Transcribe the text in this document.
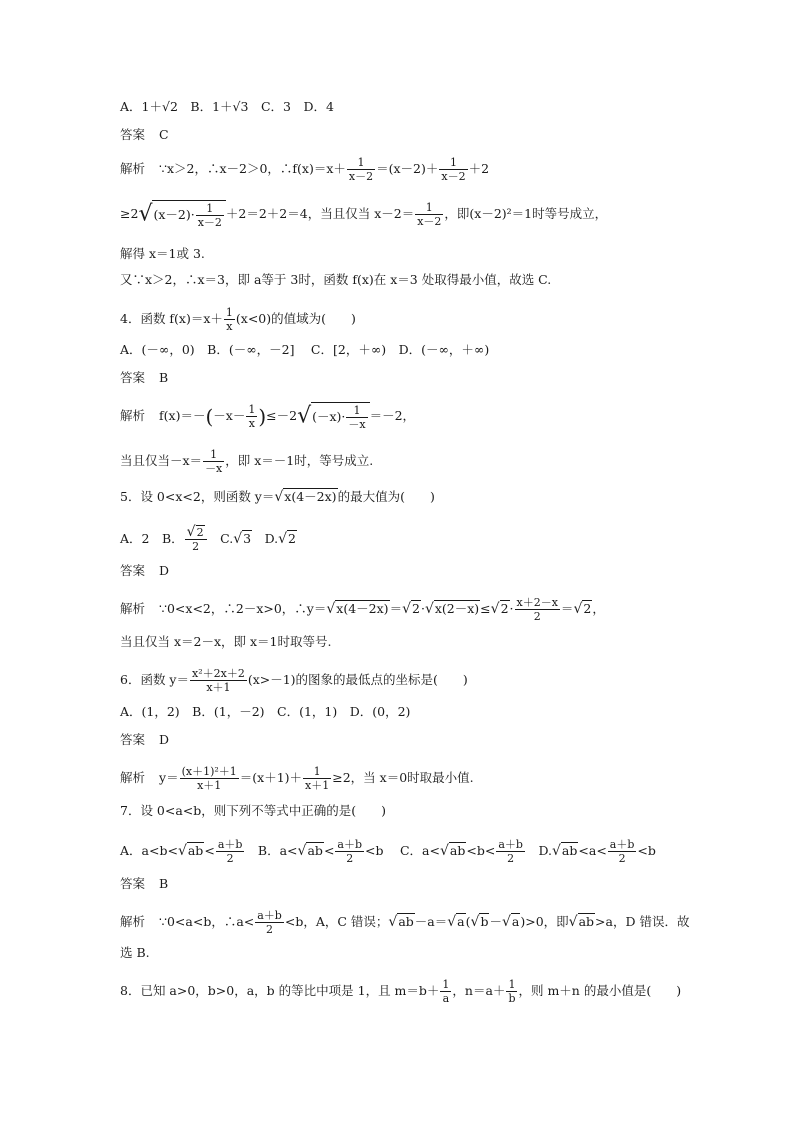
A．1＋√2　B．1＋√3　C．3　D．4
答案 C
解析 ∵x＞2，∴x－2＞0，∴f(x)＝x＋ $\frac{1}{x-2} =(x-2)+ \frac{1}{x-2} +2$
$\ge 2√(x-2)\cdot \frac{1}{x-2} +2=2+2=4$，当且仅当 $x-2= \frac{1}{x-2}$ ，即(x－2)²＝1时等号成立，
解得 x＝1或 3.
又∵x＞2，∴x＝3，即 a等于 3时，函数 f(x)在 x＝3 处取得最小值，故选 C.
4．函数 $f(x)=x+ \frac{1}{x} (x<0)$的值域为(　　)
A．(－∞，0)　B．(－∞，－2]　 C．[2，＋∞)　D．(－∞，＋∞)
答案 B
解析 $f(x)=-(-x- \frac{1}{x} )\le-2√(-x)\cdot \frac{1}{-x} =-2$，
当且仅当$-x= \frac{1}{-x}$ ，即 x＝－1时，等号成立.
5．设 0<x<2，则函数 y＝√x(4－2x)的最大值为(　　)
A．2　B． $\frac{√2}{2}$ 　C.√3　D.√2
答案 D
解析 ∵0<x<2，∴2－x>0，∴y＝√x(4－2x)＝√2·√x(2－x)≤√2· $\frac{x+2-x}{2} =√2$，
当且仅当 x＝2－x，即 x＝1时取等号.
6．函数 $y= \frac{\text{x²＋2x＋2}}{x+1} (x>-1)$的图象的最低点的坐标是(　　)
A．(1，2)　B．(1，－2)　C．(1，1)　D．(0，2)
答案 D
解析 $y= \frac{\text{(x＋1)²＋1}}{x+1} =(x+1)+ \frac{1}{x+1} \ge 2$，当 x＝0时取最小值.
7．设 0<a<b，则下列不等式中正确的是(　　)
A．$a<b<√ab< \frac{a+b}{2}$ 　B．$a<√ab< \frac{a+b}{2} <b$　 C．$a<√ab<b< \frac{a+b}{2}$ 　$D.√ab<a< \frac{a+b}{2} <b$
答案 B
解析 ∵0<a<b，∴a< $\frac{a+b}{2} <b$，A，C 错误；√ab－a＝√a(√b－√a)>0，即√ab>a，D 错误．故
选 B.
8．已知 a>0，b>0，a，b 的等比中项是 1，且 $m=b+ \frac{1}{a}$ ，$n=a+ \frac{1}{b}$ ，则 m＋n 的最小值是(　　)
